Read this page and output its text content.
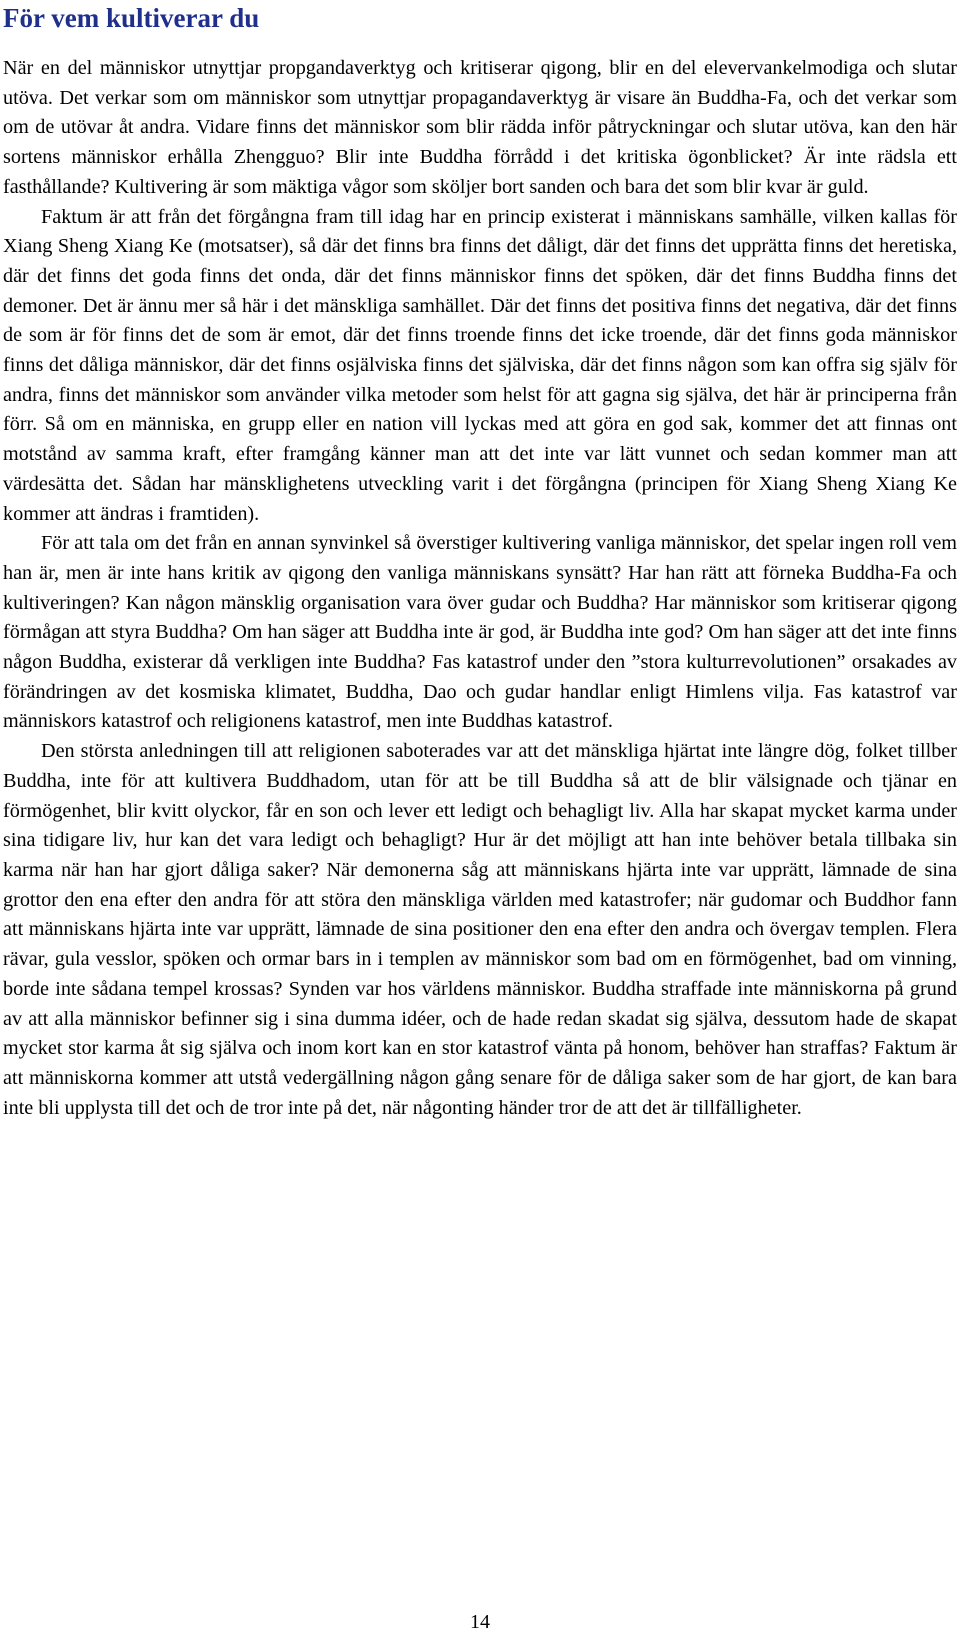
För vem kultiverar du

När en del människor utnyttjar propgandaverktyg och kritiserar qigong, blir en del elevervankelmodiga och slutar utöva. Det verkar som om människor som utnyttjar propagandaverktyg är visare än Buddha-Fa, och det verkar som om de utövar åt andra. Vidare finns det människor som blir rädda inför påtryckningar och slutar utöva, kan den här sortens människor erhålla Zhengguo? Blir inte Buddha förrådd i det kritiska ögonblicket? Är inte rädsla ett fasthållande? Kultivering är som mäktiga vågor som sköljer bort sanden och bara det som blir kvar är guld.

Faktum är att från det förgångna fram till idag har en princip existerat i människans samhälle, vilken kallas för Xiang Sheng Xiang Ke (motsatser), så där det finns bra finns det dåligt, där det finns det upprätta finns det heretiska, där det finns det goda finns det onda, där det finns människor finns det spöken, där det finns Buddha finns det demoner. Det är ännu mer så här i det mänskliga samhället. Där det finns det positiva finns det negativa, där det finns de som är för finns det de som är emot, där det finns troende finns det icke troende, där det finns goda människor finns det dåliga människor, där det finns osjälviska finns det själviska, där det finns någon som kan offra sig själv för andra, finns det människor som använder vilka metoder som helst för att gagna sig själva, det här är principerna från förr. Så om en människa, en grupp eller en nation vill lyckas med att göra en god sak, kommer det att finnas ont motstånd av samma kraft, efter framgång känner man att det inte var lätt vunnet och sedan kommer man att värdesätta det. Sådan har mänsklighetens utveckling varit i det förgångna (principen för Xiang Sheng Xiang Ke kommer att ändras i framtiden).

För att tala om det från en annan synvinkel så överstiger kultivering vanliga människor, det spelar ingen roll vem han är, men är inte hans kritik av qigong den vanliga människans synsätt? Har han rätt att förneka Buddha-Fa och kultiveringen? Kan någon mänsklig organisation vara över gudar och Buddha? Har människor som kritiserar qigong förmågan att styra Buddha? Om han säger att Buddha inte är god, är Buddha inte god? Om han säger att det inte finns någon Buddha, existerar då verkligen inte Buddha? Fas katastrof under den ”stora kulturrevolutionen” orsakades av förändringen av det kosmiska klimatet, Buddha, Dao och gudar handlar enligt Himlens vilja. Fas katastrof var människors katastrof och religionens katastrof, men inte Buddhas katastrof.

Den största anledningen till att religionen saboterades var att det mänskliga hjärtat inte längre dög, folket tillber Buddha, inte för att kultivera Buddhadom, utan för att be till Buddha så att de blir välsignade och tjänar en förmögenhet, blir kvitt olyckor, får en son och lever ett ledigt och behagligt liv. Alla har skapat mycket karma under sina tidigare liv, hur kan det vara ledigt och behagligt? Hur är det möjligt att han inte behöver betala tillbaka sin karma när han har gjort dåliga saker? När demonerna såg att människans hjärta inte var upprätt, lämnade de sina grottor den ena efter den andra för att störa den mänskliga världen med katastrofer; när gudomar och Buddhor fann att människans hjärta inte var upprätt, lämnade de sina positioner den ena efter den andra och övergav templen. Flera rävar, gula vesslor, spöken och ormar bars in i templen av människor som bad om en förmögenhet, bad om vinning, borde inte sådana tempel krossas? Synden var hos världens människor. Buddha straffade inte människorna på grund av att alla människor befinner sig i sina dumma idéer, och de hade redan skadat sig själva, dessutom hade de skapat mycket stor karma åt sig själva och inom kort kan en stor katastrof vänta på honom, behöver han straffas? Faktum är att människorna kommer att utstå vedergällning någon gång senare för de dåliga saker som de har gjort, de kan bara inte bli upplysta till det och de tror inte på det, när någonting händer tror de att det är tillfälligheter.

14
